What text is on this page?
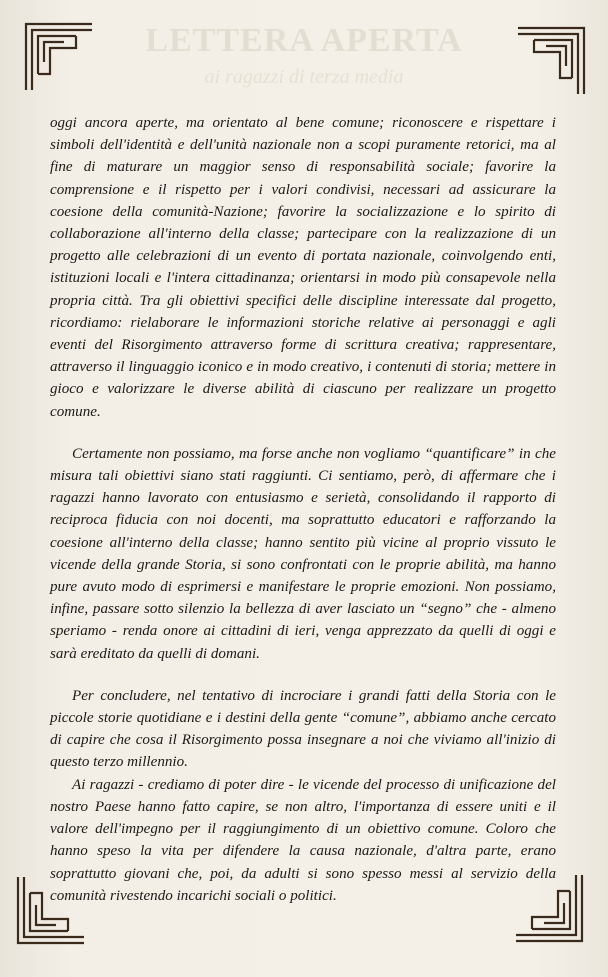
LETTERA APERTA
ai ragazzi di terza media

oggi ancora aperte, ma orientato al bene comune; riconoscere e rispettare i simboli dell'identità e dell'unità nazionale non a scopi puramente retorici, ma al fine di maturare un maggior senso di responsabilità sociale; favorire la comprensione e il rispetto per i valori condivisi, necessari ad assicurare la coesione della comunità-Nazione; favorire la socializzazione e lo spirito di collaborazione all'interno della classe; partecipare con la realizzazione di un progetto alle celebrazioni di un evento di portata nazionale, coinvolgendo enti, istituzioni locali e l'intera cittadinanza; orientarsi in modo più consapevole nella propria città. Tra gli obiettivi specifici delle discipline interessate dal progetto, ricordiamo: rielaborare le informazioni storiche relative ai personaggi e agli eventi del Risorgimento attraverso forme di scrittura creativa; rappresentare, attraverso il linguaggio iconico e in modo creativo, i contenuti di storia; mettere in gioco e valorizzare le diverse abilità di ciascuno per realizzare un progetto comune.

Certamente non possiamo, ma forse anche non vogliamo “quantificare” in che misura tali obiettivi siano stati raggiunti. Ci sentiamo, però, di affermare che i ragazzi hanno lavorato con entusiasmo e serietà, consolidando il rapporto di reciproca fiducia con noi docenti, ma soprattutto educatori e rafforzando la coesione all'interno della classe; hanno sentito più vicine al proprio vissuto le vicende della grande Storia, si sono confrontati con le proprie abilità, ma hanno pure avuto modo di esprimersi e manifestare le proprie emozioni. Non possiamo, infine, passare sotto silenzio la bellezza di aver lasciato un “segno” che - almeno speriamo - renda onore ai cittadini di ieri, venga apprezzato da quelli di oggi e sarà ereditato da quelli di domani.

Per concludere, nel tentativo di incrociare i grandi fatti della Storia con le piccole storie quotidiane e i destini della gente “comune”, abbiamo anche cercato di capire che cosa il Risorgimento possa insegnare a noi che viviamo all'inizio di questo terzo millennio.

Ai ragazzi - crediamo di poter dire - le vicende del processo di unificazione del nostro Paese hanno fatto capire, se non altro, l'importanza di essere uniti e il valore dell'impegno per il raggiungimento di un obiettivo comune. Coloro che hanno speso la vita per difendere la causa nazionale, d'altra parte, erano soprattutto giovani che, poi, da adulti si sono spesso messi al servizio della comunità rivestendo incarichi sociali o politici.
